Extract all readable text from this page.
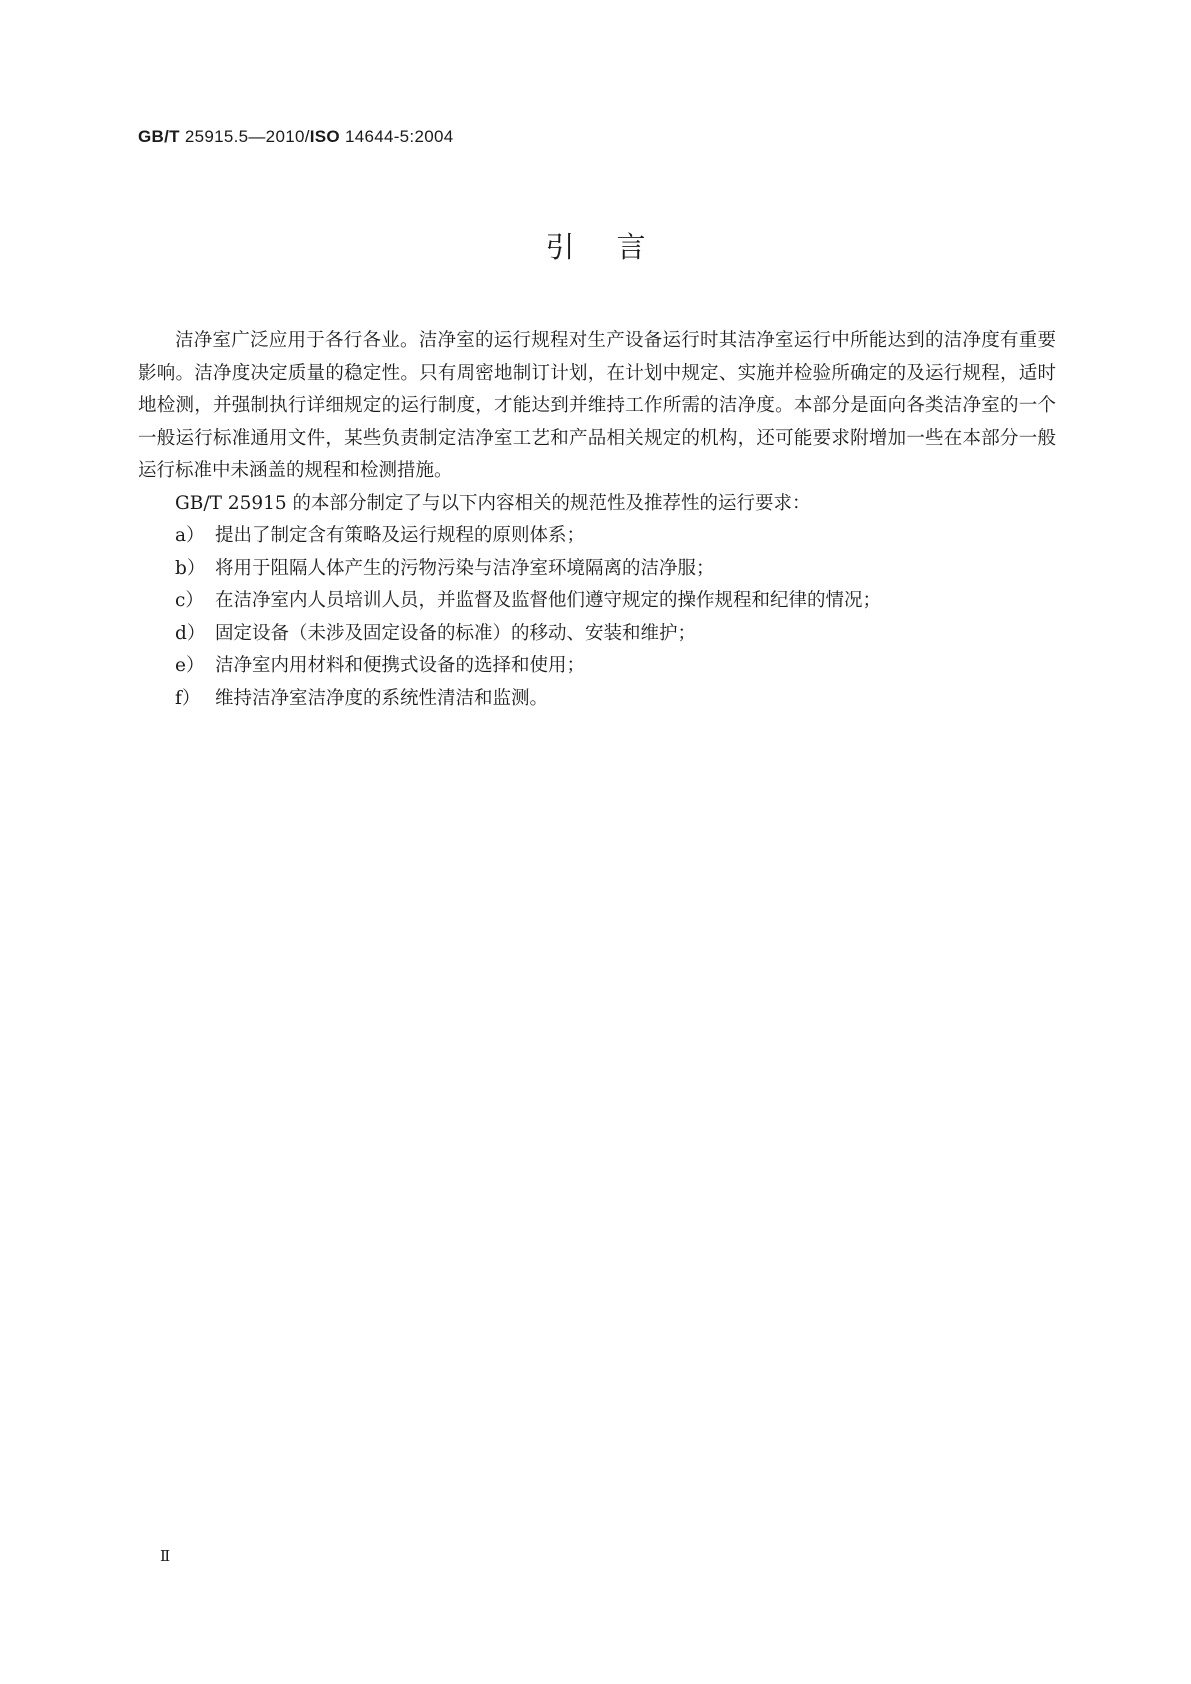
GB/T 25915.5—2010/ISO 14644-5:2004
引言

洁净室广泛应用于各行各业。洁净室的运行规程对生产设备运行时其洁净室运行中所能达到的洁净度有重要影响。洁净度决定质量的稳定性。只有周密地制订计划，在计划中规定、实施并检验所确定的及运行规程，适时地检测，并强制执行详细规定的运行制度，才能达到并维持工作所需的洁净度。本部分是面向各类洁净室的一个一般运行标准通用文件，某些负责制定洁净室工艺和产品相关规定的机构，还可能要求附增加一些在本部分一般运行标准中未涵盖的规程和检测措施。

GB/T 25915 的本部分制定了与以下内容相关的规范性及推荐性的运行要求：

a） 提出了制定含有策略及运行规程的原则体系；
b） 将用于阻隔人体产生的污物污染与洁净室环境隔离的洁净服；
c） 在洁净室内人员培训人员，并监督及监督他们遵守规定的操作规程和纪律的情况；
d） 固定设备（未涉及固定设备的标准）的移动、安装和维护；
e） 洁净室内用材料和便携式设备的选择和使用；
f） 维持洁净室洁净度的系统性清洁和监测。
Ⅱ
